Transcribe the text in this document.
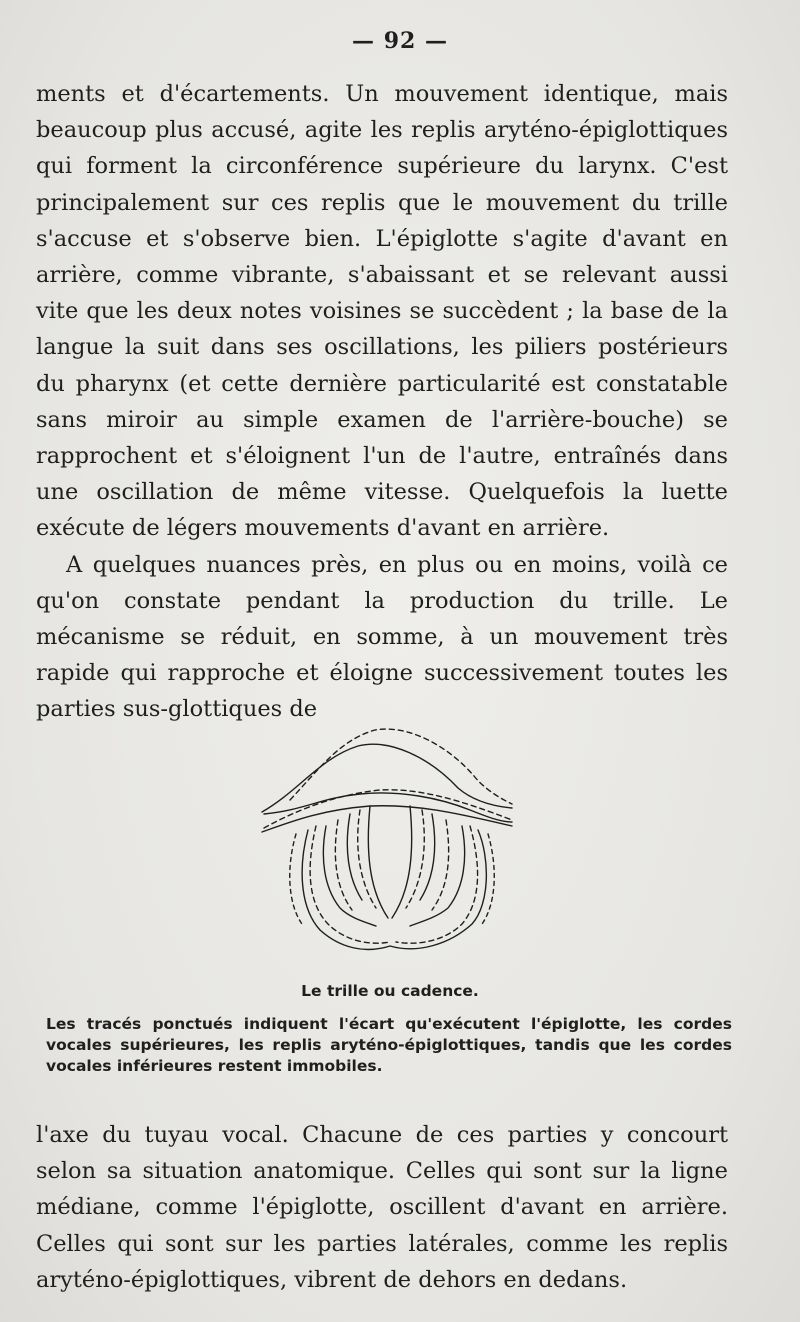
— 92 —

ments et d'écartements. Un mouvement identique, mais beaucoup plus accusé, agite les replis aryténo-épiglottiques qui forment la circonférence supérieure du larynx. C'est principalement sur ces replis que le mouvement du trille s'accuse et s'observe bien. L'épiglotte s'agite d'avant en arrière, comme vibrante, s'abaissant et se relevant aussi vite que les deux notes voisines se succèdent ; la base de la langue la suit dans ses oscillations, les piliers postérieurs du pharynx (et cette dernière particularité est constatable sans miroir au simple examen de l'arrière-bouche) se rapprochent et s'éloignent l'un de l'autre, entraînés dans une oscillation de même vitesse. Quelquefois la luette exécute de légers mouvements d'avant en arrière.

A quelques nuances près, en plus ou en moins, voilà ce qu'on constate pendant la production du trille. Le mécanisme se réduit, en somme, à un mouvement très rapide qui rapproche et éloigne successivement toutes les parties sus-glottiques de

Le trille ou cadence.
Les tracés ponctués indiquent l'écart qu'exécutent l'épiglotte, les cordes vocales supérieures, les replis aryténo-épiglottiques, tandis que les cordes vocales inférieures restent immobiles.

l'axe du tuyau vocal. Chacune de ces parties y concourt selon sa situation anatomique. Celles qui sont sur la ligne médiane, comme l'épiglotte, oscillent d'avant en arrière. Celles qui sont sur les parties latérales, comme les replis aryténo-épiglottiques, vibrent de dehors en dedans.
